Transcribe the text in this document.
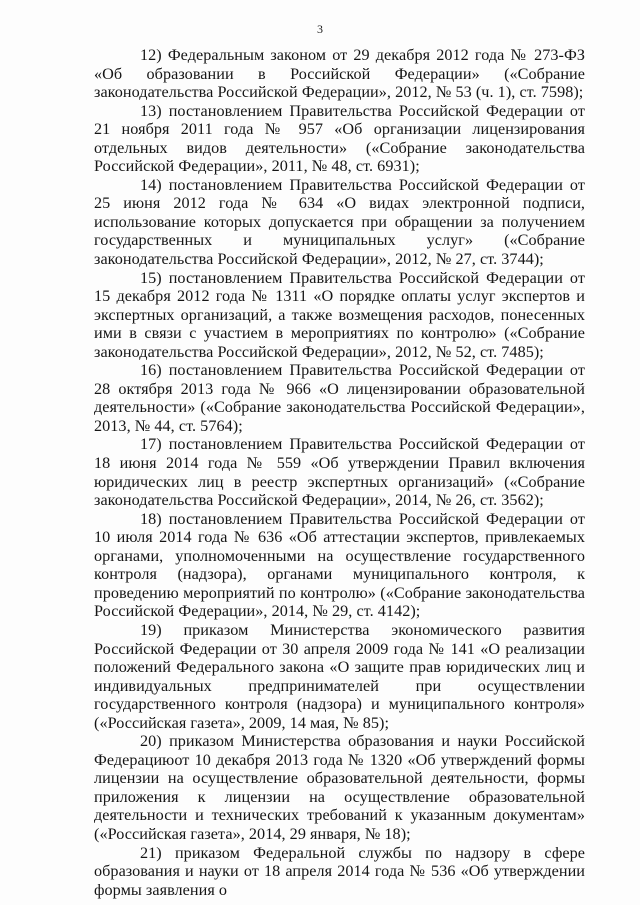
3

12) Федеральным законом от 29 декабря 2012 года № 273-ФЗ «Об образовании в Российской Федерации» («Собрание законодательства Российской Федерации», 2012, № 53 (ч. 1), ст. 7598);

13) постановлением Правительства Российской Федерации от 21 ноября 2011 года № 957 «Об организации лицензирования отдельных видов деятельности» («Собрание законодательства Российской Федерации», 2011, № 48, ст. 6931);

14) постановлением Правительства Российской Федерации от 25 июня 2012 года № 634 «О видах электронной подписи, использование которых допускается при обращении за получением государственных и муниципальных услуг» («Собрание законодательства Российской Федерации», 2012, № 27, ст. 3744);

15) постановлением Правительства Российской Федерации от 15 декабря 2012 года № 1311 «О порядке оплаты услуг экспертов и экспертных организаций, а также возмещения расходов, понесенных ими в связи с участием в мероприятиях по контролю» («Собрание законодательства Российской Федерации», 2012, № 52, ст. 7485);

16) постановлением Правительства Российской Федерации от 28 октября 2013 года № 966 «О лицензировании образовательной деятельности» («Собрание законодательства Российской Федерации», 2013, № 44, ст. 5764);

17) постановлением Правительства Российской Федерации от 18 июня 2014 года № 559 «Об утверждении Правил включения юридических лиц в реестр экспертных организаций» («Собрание законодательства Российской Федерации», 2014, № 26, ст. 3562);

18) постановлением Правительства Российской Федерации от 10 июля 2014 года № 636 «Об аттестации экспертов, привлекаемых органами, уполномоченными на осуществление государственного контроля (надзора), органами муниципального контроля, к проведению мероприятий по контролю» («Собрание законодательства Российской Федерации», 2014, № 29, ст. 4142);

19) приказом Министерства экономического развития Российской Федерации от 30 апреля 2009 года № 141 «О реализации положений Федерального закона «О защите прав юридических лиц и индивидуальных предпринимателей при осуществлении государственного контроля (надзора) и муниципального контроля» («Российская газета», 2009, 14 мая, № 85);

20) приказом Министерства образования и науки Российской Федерациюот 10 декабря 2013 года № 1320 «Об утверждений формы лицензии на осуществление образовательной деятельности, формы приложения к лицензии на осуществление образовательной деятельности и технических требований к указанным документам» («Российская газета», 2014, 29 января, № 18);

21) приказом Федеральной службы по надзору в сфере образования и науки от 18 апреля 2014 года № 536 «Об утверждении формы заявления о
